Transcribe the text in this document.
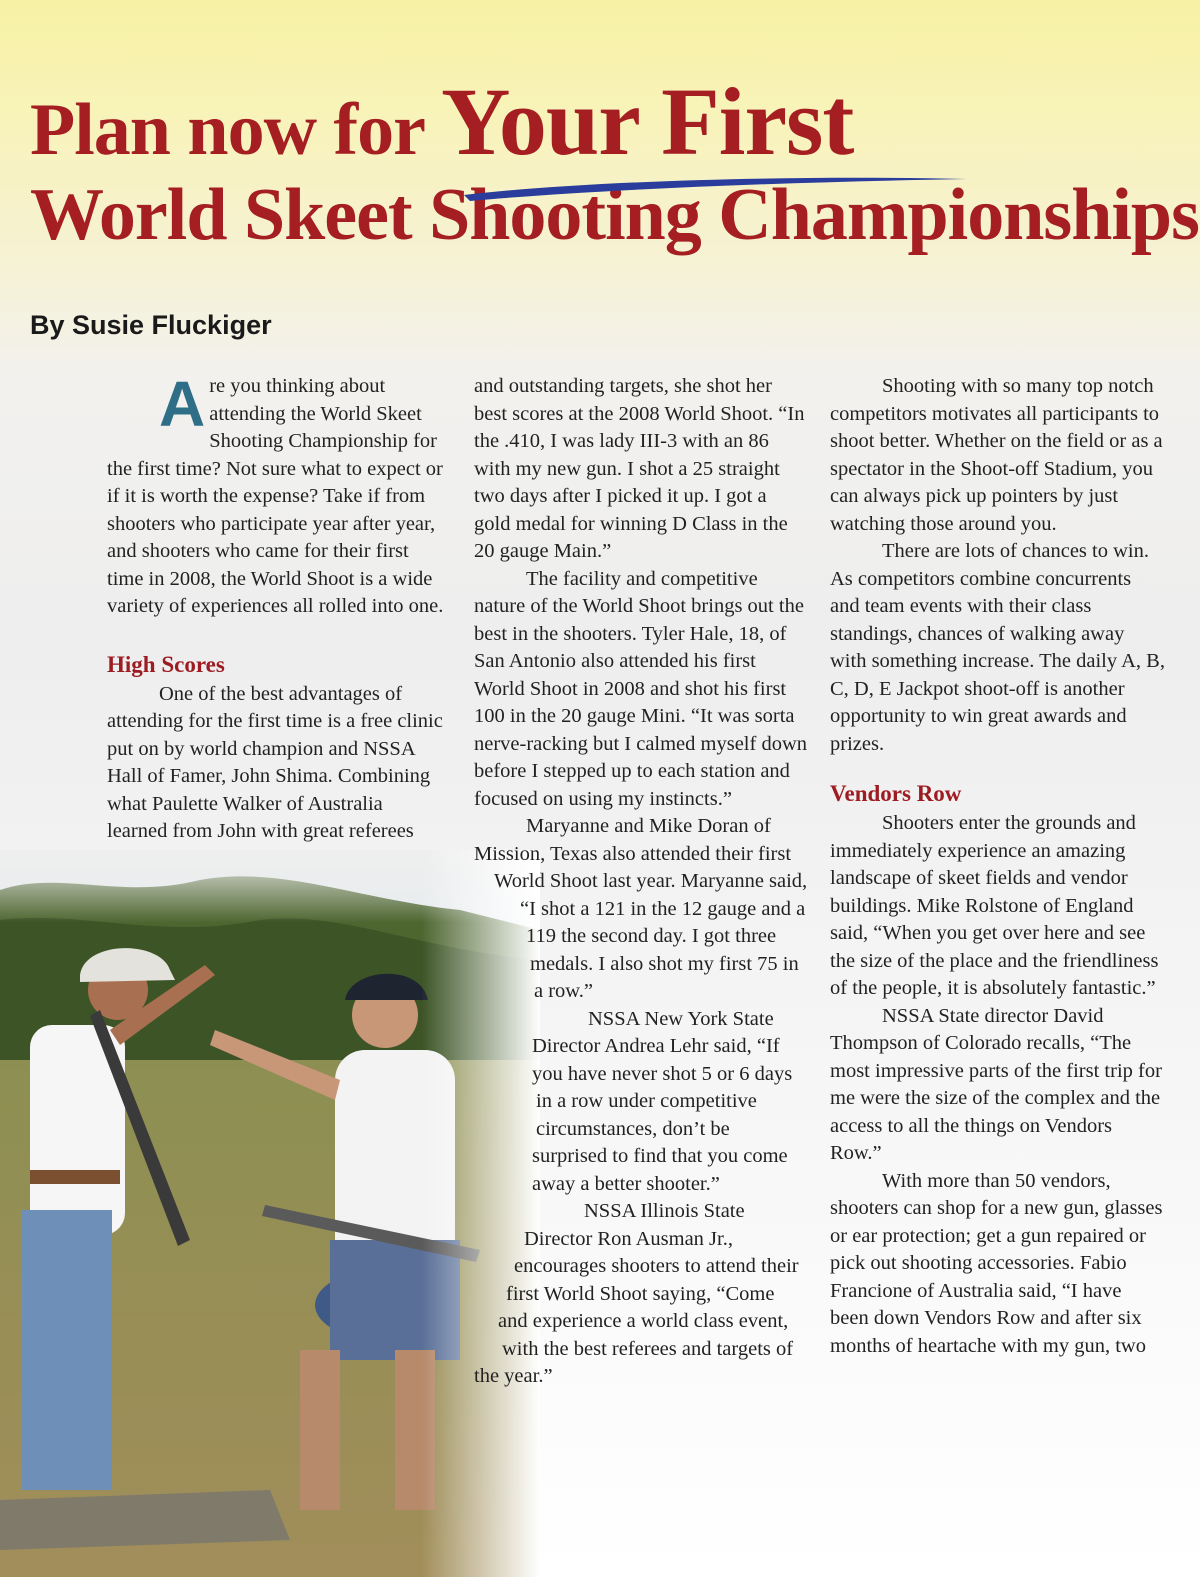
Plan now for Your First
World Skeet Shooting Championships

By Susie Fluckiger

Are you thinking about attending the World Skeet Shooting Championship for the first time? Not sure what to expect or if it is worth the expense? Take if from shooters who participate year after year, and shooters who came for their first time in 2008, the World Shoot is a wide variety of experiences all rolled into one.

High Scores

One of the best advantages of attending for the first time is a free clinic put on by world champion and NSSA Hall of Famer, John Shima. Combining what Paulette Walker of Australia learned from John with great referees

and outstanding targets, she shot her best scores at the 2008 World Shoot. “In the .410, I was lady III-3 with an 86 with my new gun. I shot a 25 straight two days after I picked it up. I got a gold medal for winning D Class in the 20 gauge Main.”

The facility and competitive nature of the World Shoot brings out the best in the shooters. Tyler Hale, 18, of San Antonio also attended his first World Shoot in 2008 and shot his first 100 in the 20 gauge Mini. “It was sorta nerve-racking but I calmed myself down before I stepped up to each station and focused on using my instincts.”

Maryanne and Mike Doran of Mission, Texas also attended their first World Shoot last year. Maryanne said, “I shot a 121 in the 12 gauge and a 119 the second day. I got three medals. I also shot my first 75 in a row.”

NSSA New York State Director Andrea Lehr said, “If you have never shot 5 or 6 days in a row under competitive circumstances, don’t be surprised to find that you come away a better shooter.”

NSSA Illinois State Director Ron Ausman Jr., encourages shooters to attend their first World Shoot saying, “Come and experience a world class event, with the best referees and targets of the year.”

Shooting with so many top notch competitors motivates all participants to shoot better. Whether on the field or as a spectator in the Shoot-off Stadium, you can always pick up pointers by just watching those around you.

There are lots of chances to win. As competitors combine concurrents and team events with their class standings, chances of walking away with something increase. The daily A, B, C, D, E Jackpot shoot-off is another opportunity to win great awards and prizes.

Vendors Row

Shooters enter the grounds and immediately experience an amazing landscape of skeet fields and vendor buildings. Mike Rolstone of England said, “When you get over here and see the size of the place and the friendliness of the people, it is absolutely fantastic.”

NSSA State director David Thompson of Colorado recalls, “The most impressive parts of the first trip for me were the size of the complex and the access to all the things on Vendors Row.”

With more than 50 vendors, shooters can shop for a new gun, glasses or ear protection; get a gun repaired or pick out shooting accessories. Fabio Francione of Australia said, “I have been down Vendors Row and after six months of heartache with my gun, two
